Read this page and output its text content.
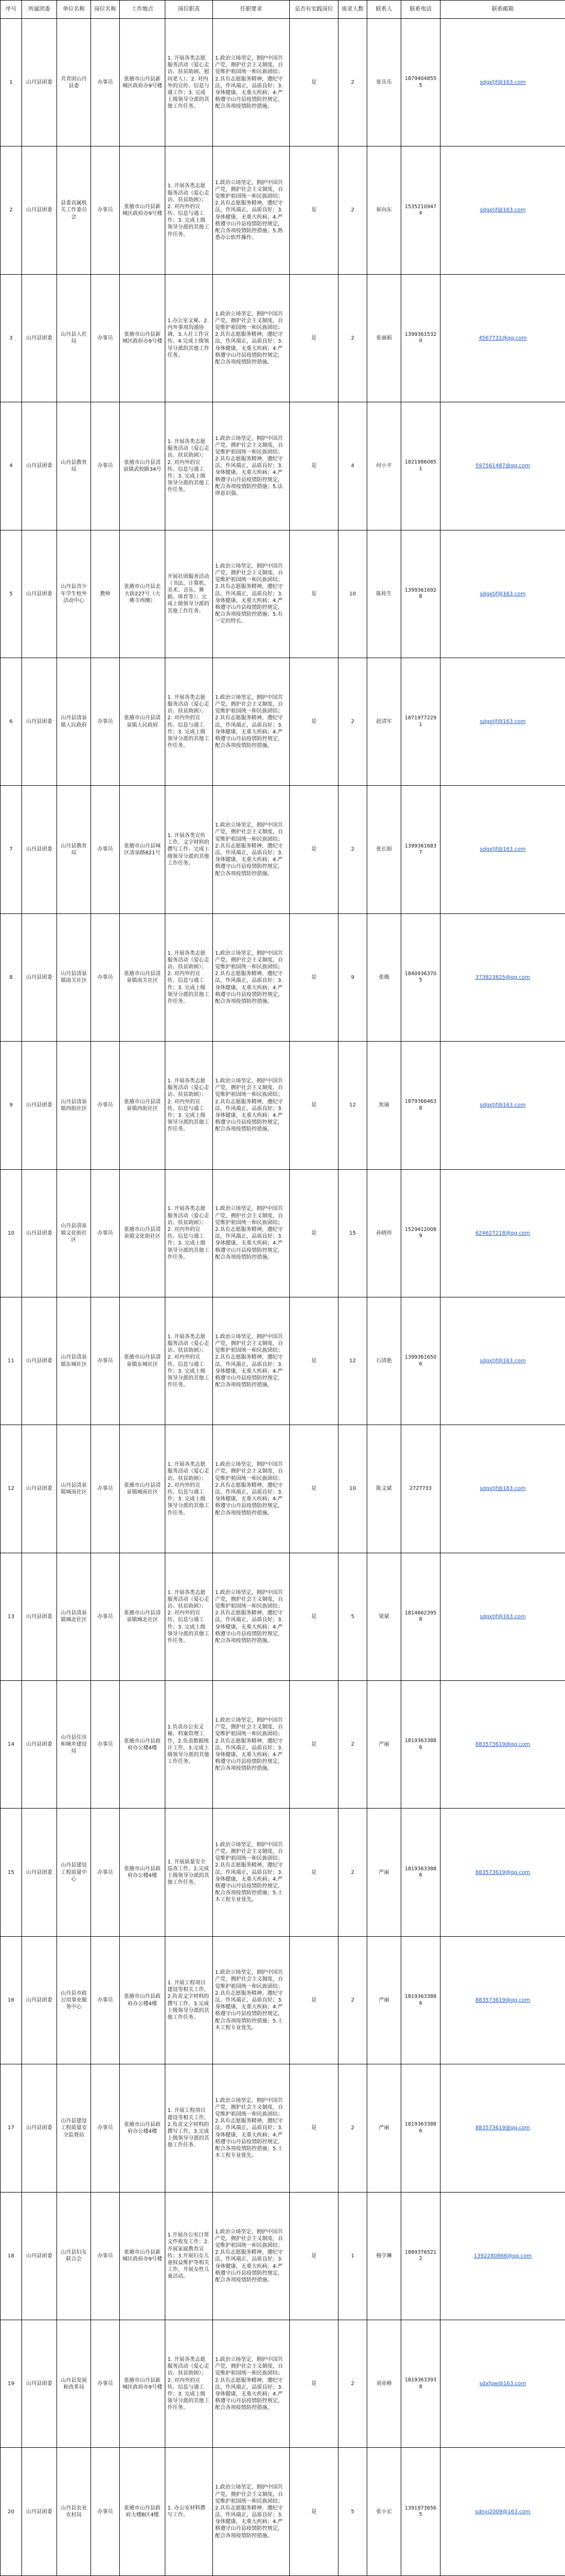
序号	所属团委	单位名称	岗位名称	工作地点	岗位职责	任职要求	是否有实践岗位	需求人数	联系人	联系电话	联系邮箱
1	山丹县团委	共青团山丹县委	办事员	张掖市山丹县新城区政府办9号楼	1. 开展各类志愿服务活动（爱心走访、扶贫助困、慰问老人）；2. 对内外的宣传、信息与通工作；3. 完成上级领导分派的其他工作任务。	1.政治立场坚定，拥护中国共产党，拥护社会主义制度，自觉维护祖国统一和民族团结；2.具有志愿服务精神，遵纪守法，作风端正，品质良好；3.身体健康，无重大疾病；4.严格遵守山丹县疫情防控规定，配合各项疫情防控措施。	是	2	张乐乐	18794048555	sdgxtjf@163.com
2	山丹县团委	县委直属机关工作委员会	办事员	张掖市山丹县新城区政府办9号楼	1. 开展各类志愿服务活动（爱心走访、扶贫助困）；2. 对内外的宣传、信息与通工作；3. 完成上级领导分派的其他工作任务。	1.政治立场坚定，拥护中国共产党，拥护社会主义制度，自觉维护祖国统一和民族团结；2.具有志愿服务精神，遵纪守法，作风端正，品质良好；3.身体健康，无重大疾病；4.严格遵守山丹县疫情防控规定，配合各项疫情防控措施；5.熟悉办公软件操作。	是	2	崔向东	15352109474	sdgxtjf@163.com
3	山丹县团委	山丹县人社局	办事员	张掖市山丹县新城区政府办9号楼	1.办公室文秘、2.内外事项沟通协调、3.人社工作宣传、4.完成上级领导分派的其他工作任务。	1.政治立场坚定，拥护中国共产党，拥护社会主义制度，自觉维护祖国统一和民族团结；2.具有志愿服务精神，遵纪守法，作风端正，品质良好；3.身体健康，无重大疾病；4.严格遵守山丹县疫情防控规定，配合各项疫情防控措施。	是	2	张丽娟	13993615320	4567731@qq.com
4	山丹县团委	山丹县教育局	办事员	张掖市山丹县清泉镇武校路34号	1. 开展各类志愿服务活动（爱心走访、扶贫助困）；2. 对内外的宣传、信息与通工作；3. 完成上级领导分派的其他工作任务。	1.政治立场坚定，拥护中国共产党，拥护社会主义制度，自觉维护祖国统一和民族团结；2.具有志愿服务精神，遵纪守法，作风端正，品质良好；3.身体健康，无重大疾病；4.严格遵守山丹县疫情防控规定，配合各项疫情防控措施；5.法律意识强。	是	4	何小平	18219860851	597561487@qq.com
5	山丹县团委	山丹县青少年学生校外活动中心	教师	张掖市山丹县北大街227号（大佛寺西侧）	开展社团服务活动（书法、计算机、美术、音乐、舞蹈、体育等）；完成上级领导分派的其他工作任务。	1.政治立场坚定，拥护中国共产党，拥护社会主义制度，自觉维护祖国统一和民族团结；2.具有志愿服务精神，遵纪守法，作风端正，品质良好；3.身体健康，无重大疾病；4.严格遵守山丹县疫情防控规定，配合各项疫情防控措施；5.有一定的特长。	是	10	陈桂生	13993616928	sdgxtjf@163.com
6	山丹县团委	山丹县清泉镇人民政府	办事员	张掖市山丹县清泉镇人民政府	1. 开展各类志愿服务活动（爱心走访、扶贫助困）；2. 对内外的宣传、信息与通工作；3. 完成上级领导分派的其他工作任务。	1.政治立场坚定，拥护中国共产党，拥护社会主义制度，自觉维护祖国统一和民族团结；2.具有志愿服务精神，遵纪守法，作风端正，品质良好；3.身体健康，无重大疾病；4.严格遵守山丹县疫情防控规定，配合各项疫情防控措施。	是	2	赵清军	18719772291	sdgxtjf@163.com
7	山丹县团委	山丹县教育局	办事员	张掖市山丹县城区清泉路821号	1. 开展各类宣传工作、文字材料的撰写工作、完成上级领导分派的其他工作任务。	1.政治立场坚定，拥护中国共产党，拥护社会主义制度，自觉维护祖国统一和民族团结；2.具有志愿服务精神，遵纪守法，作风端正，品质良好；3.身体健康，无重大疾病；4.严格遵守山丹县疫情防控规定，配合各项疫情防控措施。	是	2	张长娟	13993616837	sdgxtjf@163.com
8	山丹县团委	山丹县清泉镇南关社区	办事员	张掖市山丹县清泉镇南关社区	1. 开展各类志愿服务活动（爱心走访、扶贫助困）；2. 对内外的宣传、信息与通工作；3. 完成上级领导分派的其他工作任务。	1.政治立场坚定，拥护中国共产党，拥护社会主义制度，自觉维护祖国统一和民族团结；2.具有志愿服务精神，遵纪守法，作风端正，品质良好；3.身体健康，无重大疾病；4.严格遵守山丹县疫情防控规定，配合各项疫情防控措施。	是	9	张薇	18409363705	373823825@qq.com
9	山丹县团委	山丹县清泉镇西街社区	办事员	张掖市山丹县清泉镇西街社区	1. 开展各类志愿服务活动（爱心走访、扶贫助困）；2. 对内外的宣传、信息与通工作；3. 完成上级领导分派的其他工作任务。	1.政治立场坚定，拥护中国共产党，拥护社会主义制度，自觉维护祖国统一和民族团结；2.具有志愿服务精神，遵纪守法，作风端正，品质良好；3.身体健康，无重大疾病；4.严格遵守山丹县疫情防控规定，配合各项疫情防控措施。	是	12	焦瑜	18793664638	sdgxtjf@163.com
10	山丹县团委	山丹县清泉镇文化街社区	办事员	张掖市山丹县清泉镇文化街社区	1. 开展各类志愿服务活动（爱心走访、扶贫助困）；2. 对内外的宣传、信息与通工作；3. 完成上级领导分派的其他工作任务。	1.政治立场坚定，拥护中国共产党，拥护社会主义制度，自觉维护祖国统一和民族团结；2.具有志愿服务精神，遵纪守法，作风端正，品质良好；3.身体健康，无重大疾病；4.严格遵守山丹县疫情防控规定，配合各项疫情防控措施。	是	15	孙晓珍	15294120089	624627218@qq.com
11	山丹县团委	山丹县清泉镇东城社区	办事员	张掖市山丹县清泉镇东城社区	1. 开展各类志愿服务活动（爱心走访、扶贫助困）；2. 对内外的宣传、信息与通工作；3. 完成上级领导分派的其他工作任务。	1.政治立场坚定，拥护中国共产党，拥护社会主义制度，自觉维护祖国统一和民族团结；2.具有志愿服务精神，遵纪守法，作风端正，品质良好；3.身体健康，无重大疾病；4.严格遵守山丹县疫情防控规定，配合各项疫情防控措施。	是	12	石清艳	13993616506	sdgxtjf@163.com
12	山丹县团委	山丹县清泉镇城南社区	办事员	张掖市山丹县清泉镇城南社区	1. 开展各类志愿服务活动（爱心走访、扶贫助困）；2. 对内外的宣传、信息与通工作；3. 完成上级领导分派的其他工作任务。	1.政治立场坚定，拥护中国共产党，拥护社会主义制度，自觉维护祖国统一和民族团结；2.具有志愿服务精神，遵纪守法，作风端正，品质良好；3.身体健康，无重大疾病；4.严格遵守山丹县疫情防控规定，配合各项疫情防控措施。	是	10	陈文斌	2727733	sdgxtjf@163.com
13	山丹县团委	山丹县清泉镇城北社区	办事员	张掖市山丹县清泉镇城北社区	1. 开展各类志愿服务活动（爱心走访、扶贫助困）；2. 对内外的宣传、信息与通工作；3. 完成上级领导分派的其他工作任务。	1.政治立场坚定，拥护中国共产党，拥护社会主义制度，自觉维护祖国统一和民族团结；2.具有志愿服务精神，遵纪守法，作风端正，品质良好；3.身体健康，无重大疾病；4.严格遵守山丹县疫情防控规定，配合各项疫情防控措施。	是	5	梁斌	18146623958	sdgxtjf@163.com
14	山丹县团委	山丹县住房和城乡建设局	办事员	张掖市山丹县政府办公楼4楼	1.负责办公室文秘、档案管理工作，2.负责数据统计工作，3.完成上级领导分派的其他工作任务。	1.政治立场坚定，拥护中国共产党，拥护社会主义制度，自觉维护祖国统一和民族团结；2.具有志愿服务精神，遵纪守法，作风端正，品质良好；3.身体健康，无重大疾病；4.严格遵守山丹县疫情防控规定，配合各项疫情防控措施。	是	2	严丽	18193633886	883573619@qq.com
15	山丹县团委	山丹县建设工程质量中心	办事员	张掖市山丹县政府办公楼4楼	1. 开展质量安全巡查工作，2.完成上级领导分派的其他工作任务。	1.政治立场坚定，拥护中国共产党，拥护社会主义制度，自觉维护祖国统一和民族团结；2.具有志愿服务精神，遵纪守法，作风端正，品质良好；3.身体健康，无重大疾病；4.严格遵守山丹县疫情防控规定，配合各项疫情防控措施；5.土木工程专业优先。	是	2	严丽	18193633886	883573619@qq.com
16	山丹县团委	山丹县市政公用事业服务中心	办事员	张掖市山丹县政府办公楼4楼	1. 开展工程项目建设等相关工作，2.负责文字材料的撰写工作，3.完成上级领导分派的其他工作任务。	1.政治立场坚定，拥护中国共产党，拥护社会主义制度，自觉维护祖国统一和民族团结；2.具有志愿服务精神，遵纪守法，作风端正，品质良好；3.身体健康，无重大疾病；4.严格遵守山丹县疫情防控规定，配合各项疫情防控措施；5.土木工程专业优先。	是	2	严丽	18193633886	883573619@qq.com
17	山丹县团委	山丹县建设工程质量安全监督站	办事员	张掖市山丹县政府办公楼4楼	1. 开展工程项目建设等相关工作，2.负责文字材料的撰写工作，3.完成上级领导分派的其他工作任务。	1.政治立场坚定，拥护中国共产党，拥护社会主义制度，自觉维护祖国统一和民族团结；2.具有志愿服务精神，遵纪守法，作风端正，品质良好；3.身体健康，无重大疾病；4.严格遵守山丹县疫情防控规定，配合各项疫情防控措施；5.土木工程专业优先。	是	2	严丽	18193633886	883573619@qq.com
18	山丹县团委	山丹县妇女联合会	办事员	张掖市山丹县新城区政府办9号楼	1.开展办公室日常文件收发工作；2.开展家庭教育宣传；3.开展妇女儿童权益维护等相关工作，开展女性儿童活动。	1.政治立场坚定，拥护中国共产党，拥护社会主义制度，自觉维护祖国统一和民族团结；2.具有志愿服务精神，遵纪守法，作风端正，品质良好；3.身体健康，无重大疾病；4.严格遵守山丹县疫情防控规定，配合各项疫情防控措施。	是	1	杨学琳	18893765212	1392280866@qq.com
19	山丹县团委	山丹县发展和改革局	办事员	张掖市山丹县新城区政府办9号楼	1. 开展各类志愿服务活动（爱心走访、扶贫助困）；2. 对内外的宣传、信息与通工作；3. 完成上级领导分派的其他工作任务。	1.政治立场坚定，拥护中国共产党，拥护社会主义制度，自觉维护祖国统一和民族团结；2.具有志愿服务精神，遵纪守法，作风端正，品质良好；3.身体健康，无重大疾病；4.严格遵守山丹县疫情防控规定，配合各项疫情防控措施。	是	2	刘业峰	18193633938	sdxfgw@163.com
20	山丹县团委	山丹县农业农村局	办事员	张掖市山丹县政府大楼B区4楼	1. 办公室材料撰写工作。	1.政治立场坚定，拥护中国共产党，拥护社会主义制度，自觉维护祖国统一和民族团结；2.具有志愿服务精神，遵纪守法，作风端正，品质良好；3.身体健康，无重大疾病；4.严格遵守山丹县疫情防控规定，配合各项疫情防控措施。	是	5	张小宏	13919736565	sdnyj2009@163.com
